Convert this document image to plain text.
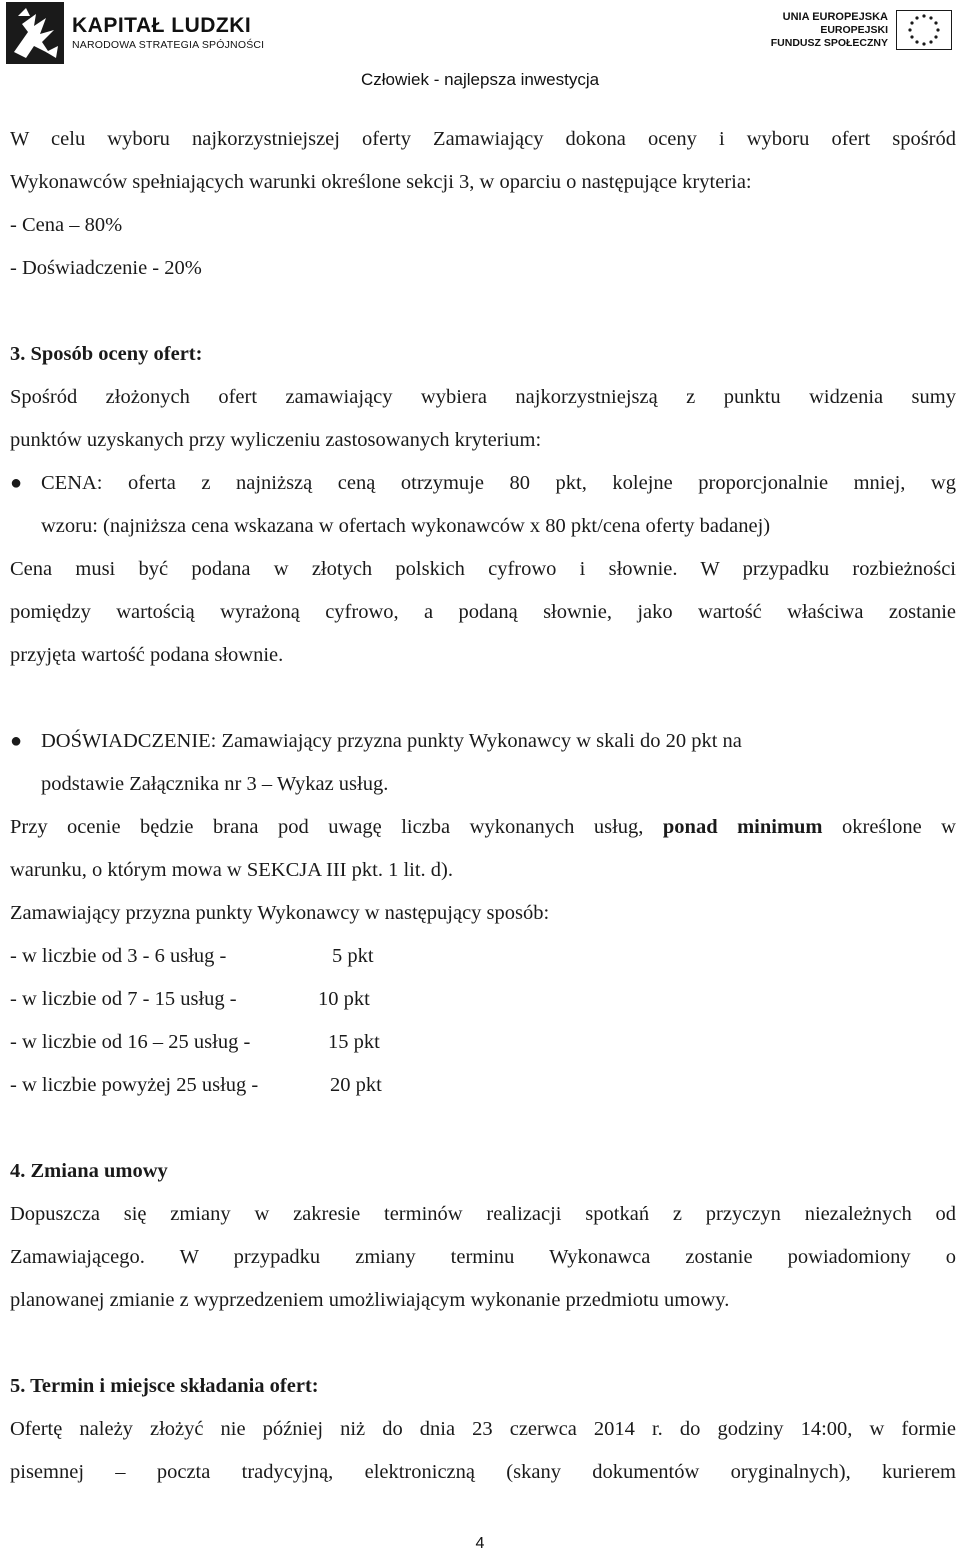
KAPITAŁ LUDZKI
NARODOWA STRATEGIA SPÓJNOŚCI
UNIA EUROPEJSKA
EUROPEJSKI
FUNDUSZ SPOŁECZNY
Człowiek - najlepsza inwestycja

W celu wyboru najkorzystniejszej oferty Zamawiający dokona oceny i wyboru ofert spośród

Wykonawców spełniających warunki określone sekcji 3, w oparciu o następujące kryteria:

- Cena – 80%

- Doświadczenie - 20%

3. Sposób oceny ofert:

Spośród złożonych ofert zamawiający wybiera najkorzystniejszą z punktu widzenia sumy

punktów uzyskanych przy wyliczeniu zastosowanych kryterium:

● CENA: oferta z najniższą ceną otrzymuje 80 pkt, kolejne proporcjonalnie mniej, wg

wzoru: (najniższa cena wskazana w ofertach wykonawców x 80 pkt/cena oferty badanej)

Cena musi być podana w złotych polskich cyfrowo i słownie. W przypadku rozbieżności

pomiędzy wartością wyrażoną cyfrowo, a podaną słownie, jako wartość właściwa zostanie

przyjęta wartość podana słownie.

● DOŚWIADCZENIE: Zamawiający przyzna punkty Wykonawcy w skali do 20 pkt na

podstawie Załącznika nr 3 – Wykaz usług.

Przy ocenie będzie brana pod uwagę liczba wykonanych usług, ponad minimum określone w

warunku, o którym mowa w SEKCJA III pkt. 1 lit. d).

Zamawiający przyzna punkty Wykonawcy w następujący sposób:

- w liczbie od 3 - 6 usług -	5 pkt

- w liczbie od 7 - 15 usług -	10 pkt

- w liczbie od 16 – 25 usług -	15 pkt

- w liczbie powyżej 25 usług -	20 pkt

4. Zmiana umowy

Dopuszcza się zmiany w zakresie terminów realizacji spotkań z przyczyn niezależnych od

Zamawiającego. W przypadku zmiany terminu Wykonawca zostanie powiadomiony o

planowanej zmianie z wyprzedzeniem umożliwiającym wykonanie przedmiotu umowy.

5. Termin i miejsce składania ofert:

Ofertę należy złożyć nie później niż do dnia 23 czerwca 2014 r. do godziny 14:00, w formie

pisemnej – poczta tradycyjną, elektroniczną (skany dokumentów oryginalnych), kurierem

4
